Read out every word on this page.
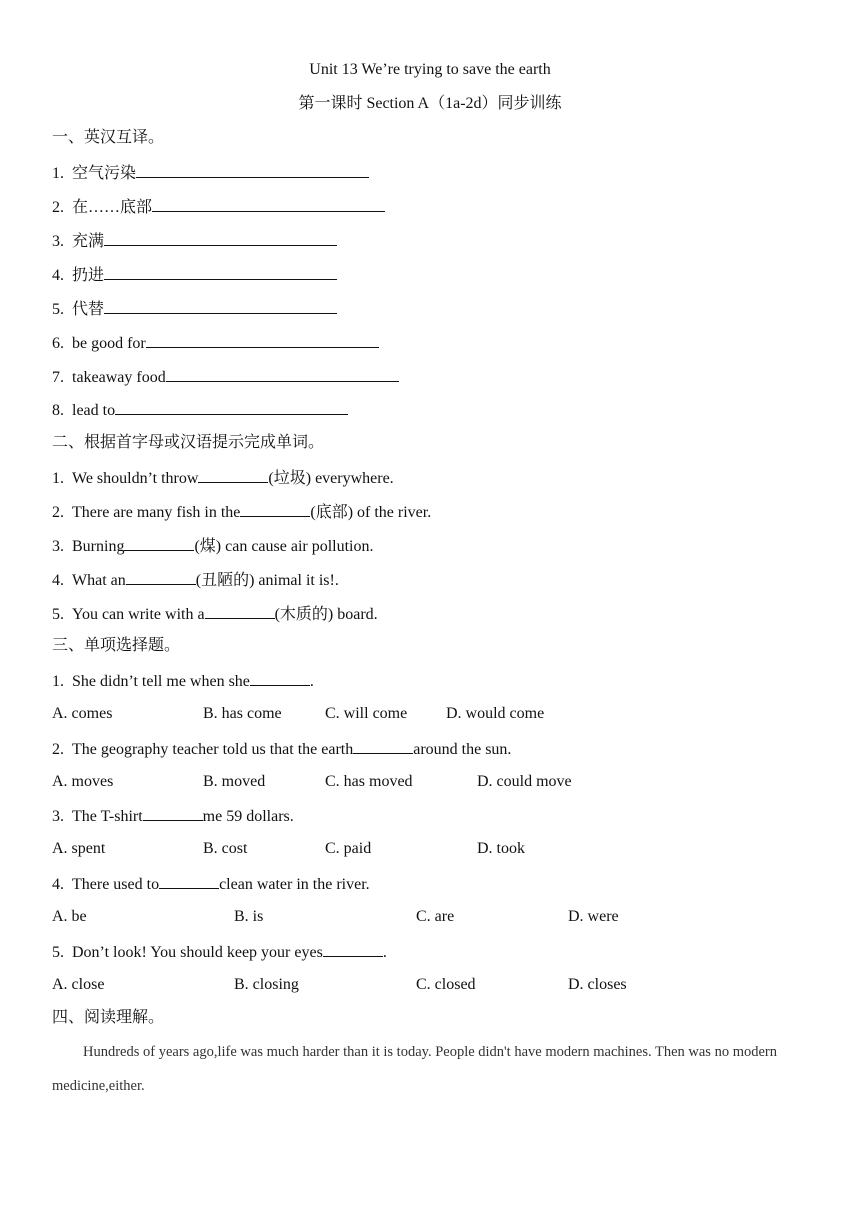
Unit 13 We’re trying to save the earth
第一课时 Section A（1a-2d）同步训练
一、英汉互译。
1. 空气污染
2. 在……底部
3. 充满
4. 扔进
5. 代替
6. be good for
7. takeaway food
8. lead to
二、根据首字母或汉语提示完成单词。
1. We shouldn’t throw	(垃圾) everywhere.
2. There are many fish in the	(底部) of the river.
3. Burning	(煤) can cause air pollution.
4. What an	(丑陋的) animal it is!.
5. You can write with a	(木质的) board.
三、单项选择题。
1. She didn’t tell me when she	.
A. comes	B. has come	C. will come D. would come
2. The geography teacher told us that the earth	around the sun.
A. moves	B. moved	C. has moved	D. could move
3. The T-shirt	me 59 dollars.
A. spent	B. cost	C. paid	D. took
4. There used to	clean water in the river.
A. be	B. is	C. are	D. were
5. Don’t look! You should keep your eyes	.
A. close	B. closing	C. closed	D. closes
四、阅读理解。
Hundreds of years ago,life was much harder than it is today. People didn't have modern machines. Then was no modern medicine,either.
